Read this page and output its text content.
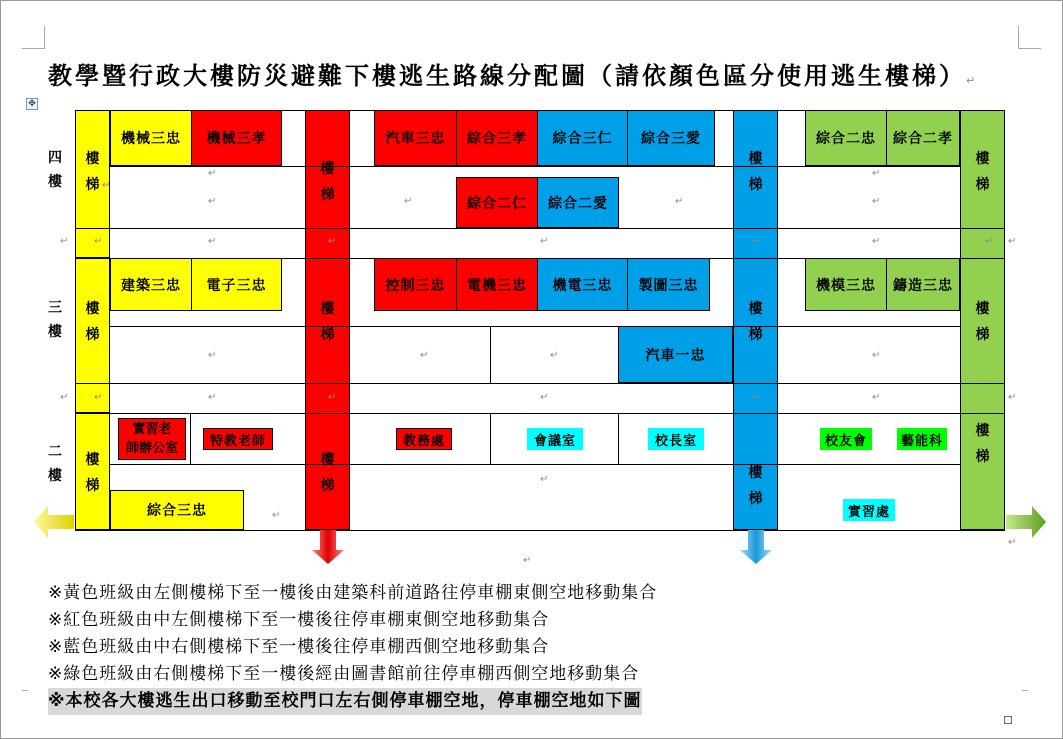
教學暨行政大樓防災避難下樓逃生路線分配圖（請依顏色區分使用逃生樓梯）↵
✥
樓
梯
樓
梯
樓
梯
樓
梯
樓
梯
樓
梯
樓
梯
樓
梯
樓
梯
樓
梯
樓
梯
樓
梯
四樓
三樓
二樓
機械三忠	機械三孝	汽車三忠	綜合三孝	綜合三仁	綜合三愛
綜合二仁	綜合二愛
綜合二忠	綜合二孝
建築三忠	電子三忠	控制三忠	電機三忠	機電三忠	製圖三忠
汽車一忠
機模三忠	鑄造三忠
實習老
師辦公室	特教老師	教務處	會議室	校長室	校友會	藝能科
綜合三忠	實習處
↵
↵
↵	↵	↵
↵
↵
↵	↵	↵	↵	↵	↵	↵	↵ ↵
↵	↵	↵	↵
↵	↵	↵	↵	↵	↵	↵	↵
↵
↵
↵
↵
※黃色班級由左側樓梯下至一樓後由建築科前道路往停車棚東側空地移動集合
※紅色班級由中左側樓梯下至一樓後往停車棚東側空地移動集合
※藍色班級由中右側樓梯下至一樓後往停車棚西側空地移動集合
※綠色班級由右側樓梯下至一樓後經由圖書館前往停車棚西側空地移動集合
※本校各大樓逃生出口移動至校門口左右側停車棚空地，停車棚空地如下圖
